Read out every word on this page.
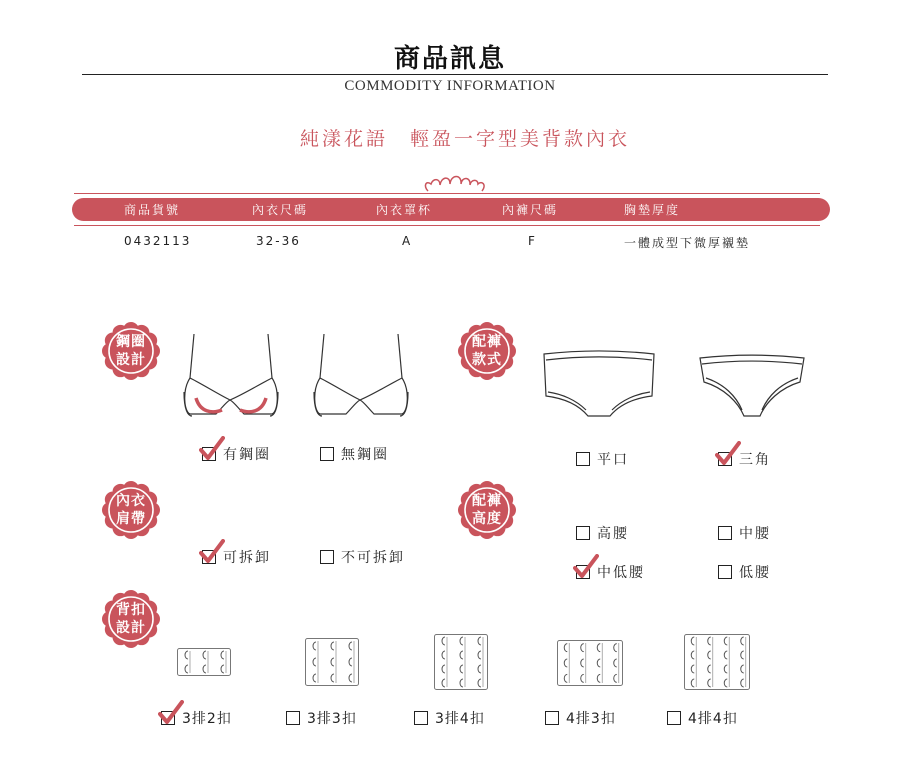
商品訊息
COMMODITY INFORMATION
純漾花語　輕盈一字型美背款內衣
商品貨號	內衣尺碼	內衣罩杯	內褲尺碼	胸墊厚度
0432113	32-36	A	F	一體成型下微厚襯墊
鋼圈
設計
配褲
款式
內衣
肩帶
配褲
高度
背扣
設計
有鋼圈	無鋼圈	平口	三角
可拆卸	不可拆卸
高腰	中腰
中低腰	低腰
3排2扣	3排3扣	3排4扣	4排3扣	4排4扣
